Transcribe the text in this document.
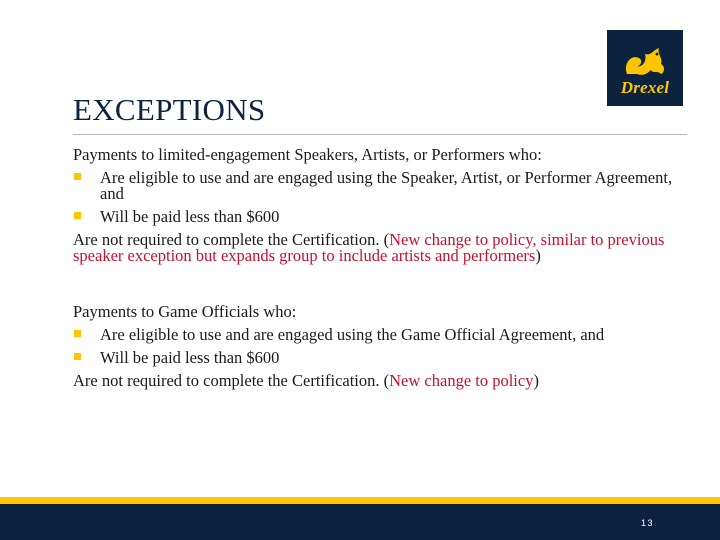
Drexel
EXCEPTIONS

Payments to limited-engagement Speakers, Artists, or Performers who:

Are eligible to use and are engaged using the Speaker, Artist, or Performer Agreement, and
Will be paid less than $600

Are not required to complete the Certification. (New change to policy, similar to previous speaker exception but expands group to include artists and performers)

Payments to Game Officials who:

Are eligible to use and are engaged using the Game Official Agreement, and
Will be paid less than $600

Are not required to complete the Certification. (New change to policy)

13
